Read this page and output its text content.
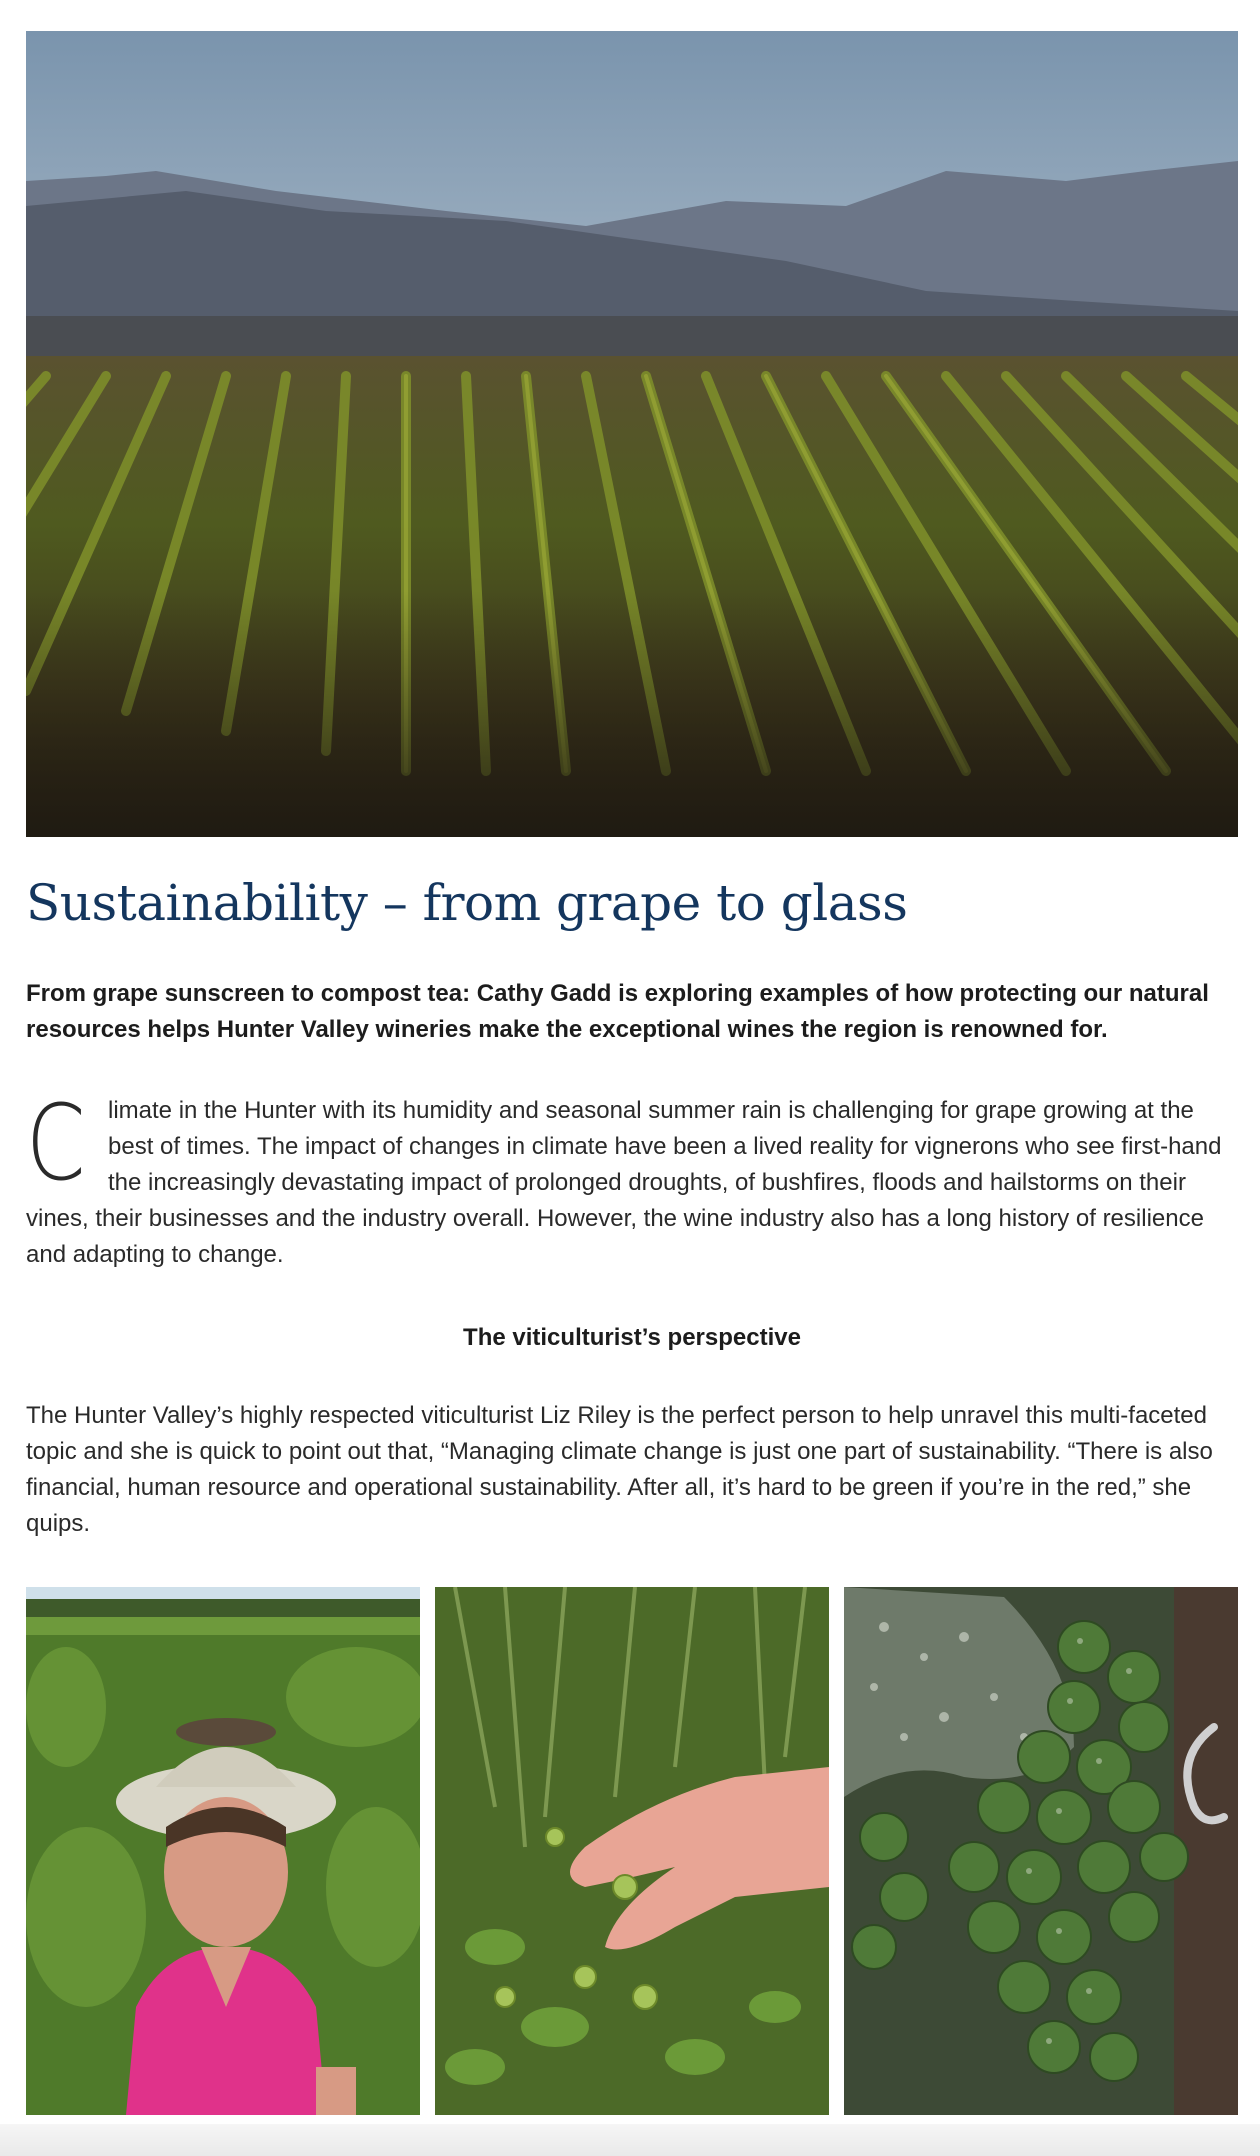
Sustainability – from grape to glass

From grape sunscreen to compost tea: Cathy Gadd is exploring examples of how protecting our natural resources helps Hunter Valley wineries make the exceptional wines the region is renowned for.

Climate in the Hunter with its humidity and seasonal summer rain is challenging for grape growing at the best of times. The impact of changes in climate have been a lived reality for vignerons who see first-hand the increasingly devastating impact of prolonged droughts, of bushfires, floods and hailstorms on their vines, their businesses and the industry overall. However, the wine industry also has a long history of resilience and adapting to change.

The viticulturist’s perspective

The Hunter Valley’s highly respected viticulturist Liz Riley is the perfect person to help unravel this multi-faceted topic and she is quick to point out that, “Managing climate change is just one part of sustainability. “There is also financial, human resource and operational sustainability. After all, it’s hard to be green if you’re in the red,” she quips.
